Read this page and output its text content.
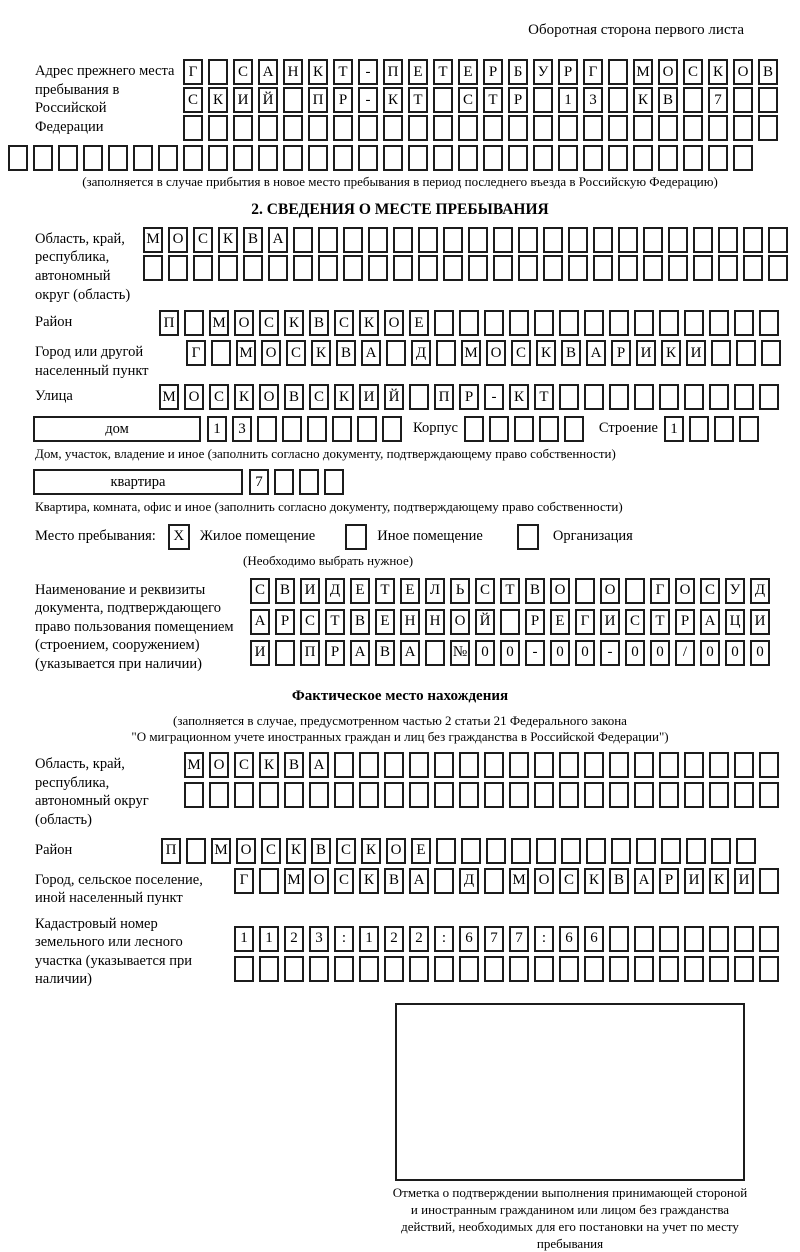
Оборотная сторона первого листа
Адрес прежнего места пребывания в Российской Федерации
Г	С А Н К	Т	-	П Е	Т	Е	Р	Б	У	Р	Г	М О С К О В
С К И Й	П	Р	-	К	Т	С	Т	Р	1	3	К В	7
(заполняется в случае прибытия в новое место пребывания в период последнего въезда в Российскую Федерацию)
2. СВЕДЕНИЯ О МЕСТЕ ПРЕБЫВАНИЯ
Область, край, республика, автономный округ (область)
М О С К В А
Район	П	М О С К В С К О Е
Город или другой населенный пункт
Г	М О С К В А	Д	М О С К В А	Р	И К И
Улица	М О С К О В С К И Й	П	Р	-	К	Т
дом	1	3	Корпус	Строение 1
Дом, участок, владение и иное (заполнить согласно документу, подтверждающему право собственности)
квартира	7
Квартира, комната, офис и иное (заполнить согласно документу, подтверждающему право собственности)
Место пребывания:	X	Жилое помещение	Иное помещение	Организация
(Необходимо выбрать нужное)
Наименование и реквизиты документа, подтверждающего право пользования помещением (строением, сооружением) (указывается при наличии)
С В И Д	Е	Т	Е	Л	Ь	С	Т	В О	О	Г	О С У Д
А	Р	С	Т	В	Е	Н Н О Й	Р	Е	Г	И С	Т	Р	А Ц И
И	П	Р	А В А	№ 0	0	-	0	0	-	0	0	/	0	0	0
Фактическое место нахождения
(заполняется в случае, предусмотренном частью 2 статьи 21 Федерального закона
"О миграционном учете иностранных граждан и лиц без гражданства в Российской Федерации")
Область, край, республика, автономный округ (область)
М О С К В А
Район	П	М О С К В С К О Е
Город, сельское поселение, иной населенный пункт
Г	М О С К В А	Д	М О С К В А	Р	И К И
Кадастровый номер земельного или лесного участка (указывается при наличии)
1	1	2	3	:	1	2	2	:	6	7	7	:	6	6
Отметка о подтверждении выполнения принимающей стороной и иностранным гражданином или лицом без гражданства действий, необходимых для его постановки на учет по месту пребывания
